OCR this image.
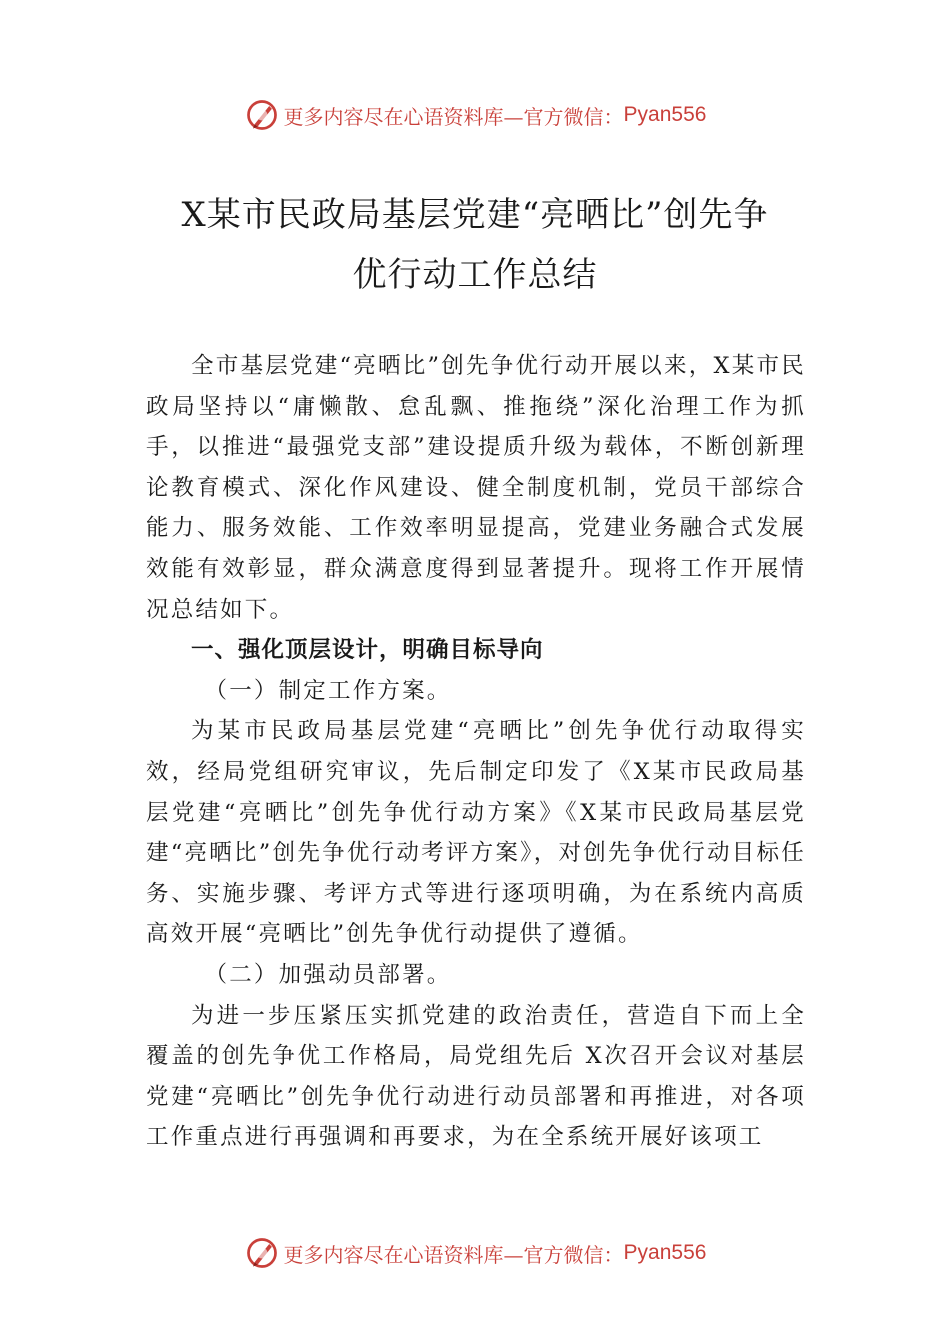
更多内容尽在心语资料库—官方微信： Pyan556
X某市民政局基层党建“亮晒比”创先争
优行动工作总结

全市基层党建“亮晒比”创先争优行动开展以来，X某市民政局坚持以“庸懒散、怠乱飘、推拖绕”深化治理工作为抓手，以推进“最强党支部”建设提质升级为载体，不断创新理论教育模式、深化作风建设、健全制度机制，党员干部综合能力、服务效能、工作效率明显提高，党建业务融合式发展效能有效彰显，群众满意度得到显著提升。现将工作开展情况总结如下。

一、强化顶层设计，明确目标导向

（一）制定工作方案。

为某市民政局基层党建“亮晒比”创先争优行动取得实效，经局党组研究审议，先后制定印发了《X某市民政局基层党建“亮晒比”创先争优行动方案》《X某市民政局基层党建“亮晒比”创先争优行动考评方案》，对创先争优行动目标任务、实施步骤、考评方式等进行逐项明确，为在系统内高质高效开展“亮晒比”创先争优行动提供了遵循。

（二）加强动员部署。

为进一步压紧压实抓党建的政治责任，营造自下而上全覆盖的创先争优工作格局，局党组先后 X次召开会议对基层党建“亮晒比”创先争优行动进行动员部署和再推进，对各项工作重点进行再强调和再要求，为在全系统开展好该项工

更多内容尽在心语资料库—官方微信： Pyan556
